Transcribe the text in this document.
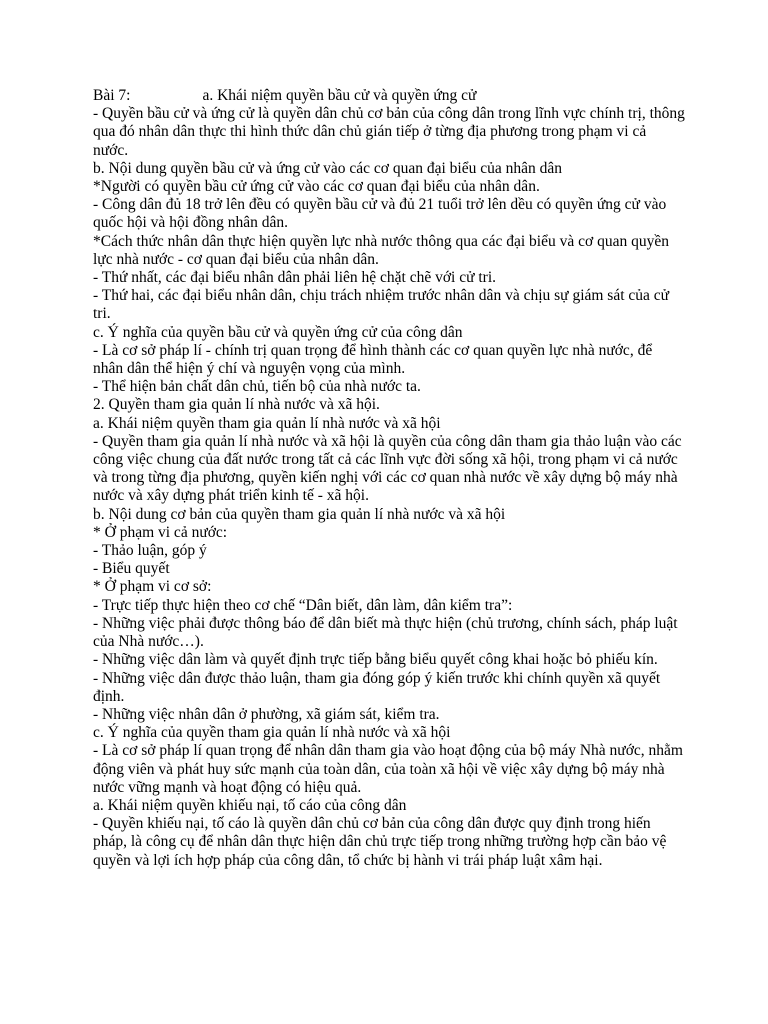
Bài 7:	a. Khái niệm quyền bầu cử và quyền ứng cử

- Quyền bầu cử và ứng cử là quyền dân chủ cơ bản của công dân trong lĩnh vực chính trị, thông qua đó nhân dân thực thi hình thức dân chủ gián tiếp ở từng địa phương trong phạm vi cả nước.

b. Nội dung quyền bầu cử và ứng cử vào các cơ quan đại biểu của nhân dân

*Người có quyền bầu cử ứng cử vào các cơ quan đại biểu của nhân dân.

- Công dân đủ 18 trở lên đều có quyền bầu cử và đủ 21 tuổi trở lên dều có quyền ứng cử vào quốc hội và hội đồng nhân dân.

*Cách thức nhân dân thực hiện quyền lực nhà nước thông qua các đại biểu và cơ quan quyền lực nhà nước - cơ quan đại biểu của nhân dân.

- Thứ nhất, các đại biểu nhân dân phải liên hệ chặt chẽ với cử tri.

- Thứ hai, các đại biểu nhân dân, chịu trách nhiệm trước nhân dân và chịu sự giám sát của cử tri.

c. Ý nghĩa của quyền bầu cử và quyền ứng cử của công dân

- Là cơ sở pháp lí - chính trị quan trọng để hình thành các cơ quan quyền lực nhà nước, để nhân dân thể hiện ý chí và nguyện vọng của mình.

- Thể hiện bản chất dân chủ, tiến bộ của nhà nước ta.

2. Quyền tham gia quản lí nhà nước và xã hội.

a. Khái niệm quyền tham gia quản lí nhà nước và xã hội

- Quyền tham gia quản lí nhà nước và xã hội là quyền của công dân tham gia thảo luận vào các công việc chung của đất nước trong tất cả các lĩnh vực đời sống xã hội, trong phạm vi cả nước và trong từng địa phương, quyền kiến nghị với các cơ quan nhà nước về xây dựng bộ máy nhà nước và xây dựng phát triển kinh tế - xã hội.

b. Nội dung cơ bản của quyền tham gia quản lí nhà nước và xã hội

* Ở phạm vi cả nước:

- Thảo luận, góp ý

- Biểu quyết

* Ở phạm vi cơ sở:

- Trực tiếp thực hiện theo cơ chế “Dân biết, dân làm, dân kiểm tra”:

- Những việc phải được thông báo để dân biết mà thực hiện (chủ trương, chính sách, pháp luật của Nhà nước…).

- Những việc dân làm và quyết định trực tiếp bằng biểu quyết công khai hoặc bỏ phiếu kín.

- Những việc dân được thảo luận, tham gia đóng góp ý kiến trước khi chính quyền xã quyết định.

- Những việc nhân dân ở phường, xã giám sát, kiểm tra.

c. Ý nghĩa của quyền tham gia quản lí nhà nước và xã hội

- Là cơ sở pháp lí quan trọng để nhân dân tham gia vào hoạt động của bộ máy Nhà nước, nhằm động viên và phát huy sức mạnh của toàn dân, của toàn xã hội về việc xây dựng bộ máy nhà nước vững mạnh và hoạt động có hiệu quả.

a. Khái niệm quyền khiếu nại, tố cáo của công dân

- Quyền khiếu nại, tố cáo là quyền dân chủ cơ bản của công dân được quy định trong hiến pháp, là công cụ để nhân dân thực hiện dân chủ trực tiếp trong những trường hợp cần bảo vệ quyền và lợi ích hợp pháp của công dân, tổ chức bị hành vi trái pháp luật xâm hại.
